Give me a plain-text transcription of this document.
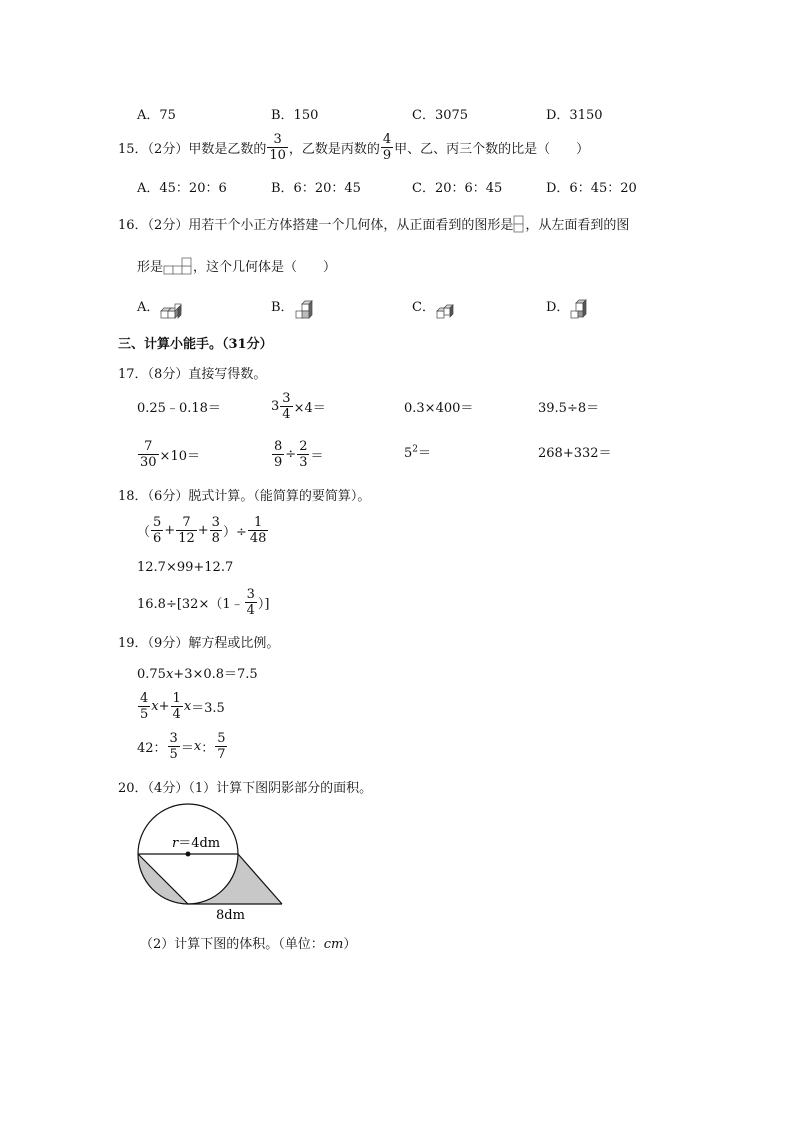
A．75	B．150	C．3075	D．3150
15．（2分）甲数是乙数的 $\frac{3}{10}$ ，乙数是丙数的 $\frac{4}{9}$ 甲、乙、丙三个数的比是（　　）
A．45：20：6	B．6：20：45	C．20：6：45	D．6：45：20
16．（2分）用若干个小正方体搭建一个几何体，从正面看到的图形是 ，从左面看到的图
形是 ，这个几何体是（　　）
A．	B．	C．	D．
三、计算小能手。（31分）
17．（8分）直接写得数。
0.25﹣0.18＝	$3 \frac{3}{4} \times 4=$	0.3×400＝	39.5÷8＝
$\frac{7}{30} \times 10=$	$\frac{8}{9} \div \frac{2}{3}$ ＝	$5^2=$	268+332＝
18．（6分）脱式计算。（能简算的要简算）。
（ $\frac{5}{6} + \frac{7}{12} + \frac{3}{8}$ ）÷ $\frac{1}{48}$
12.7×99+12.7
16.8÷[32×（1﹣ $\frac{3}{4}$ ）]
19．（9分）解方程或比例。
0.75x+3×0.8＝7.5
$\frac{4}{5}$ $x + \frac{1}{4}$ x ＝3.5
42： $\frac{3}{5} = x$ ： $\frac{5}{7}$
20．（4分）（1）计算下图阴影部分的面积。
r＝4dm
8dm
（2）计算下图的体积。（单位：cm）
